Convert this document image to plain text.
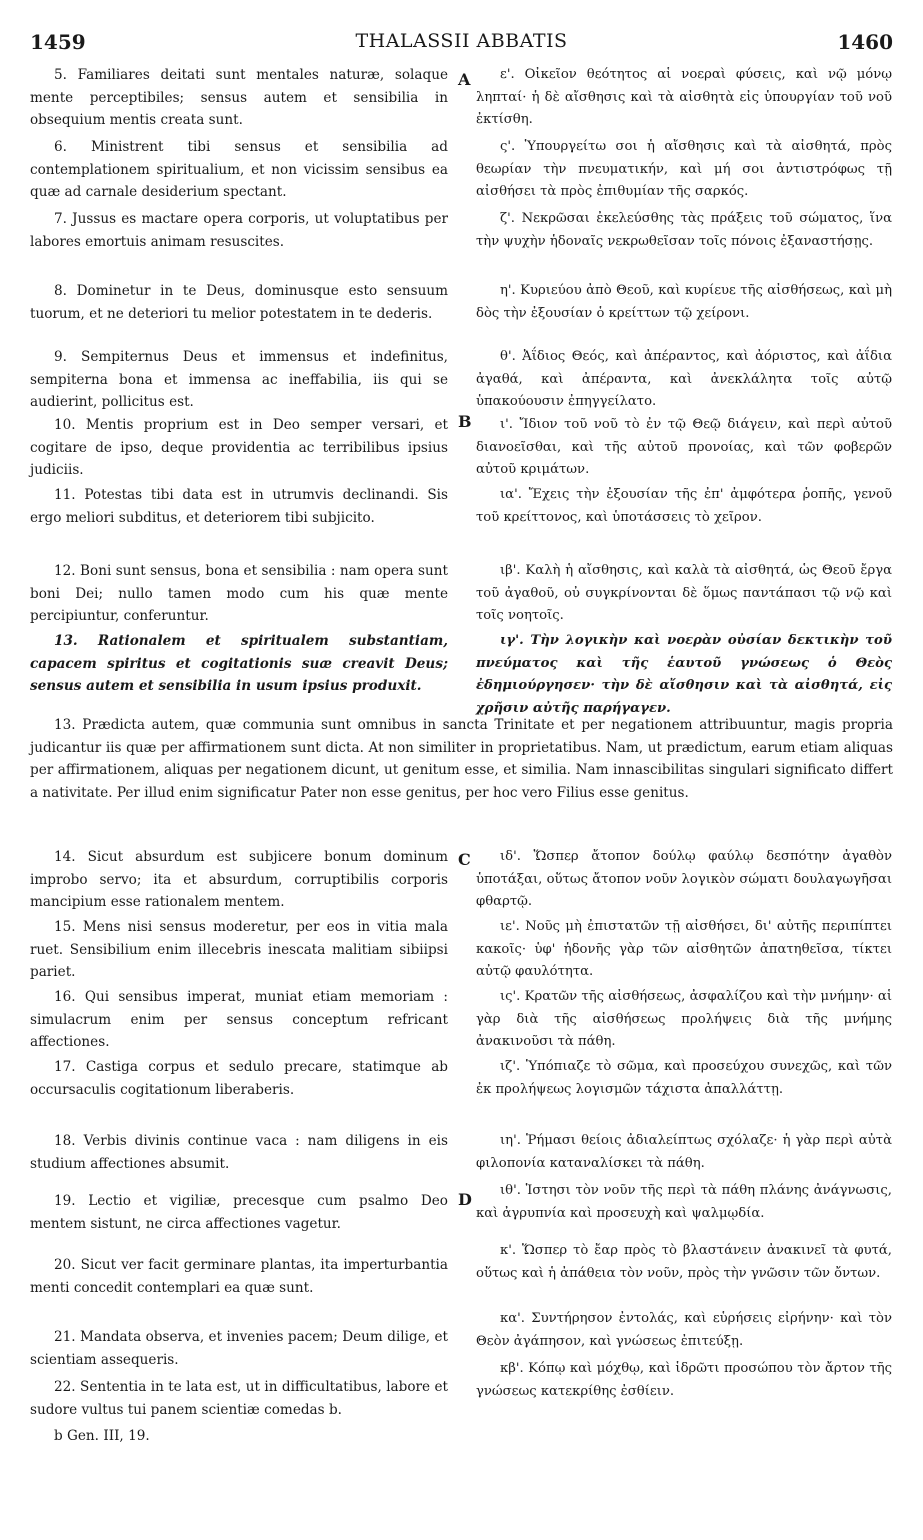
1459	THALASSII ABBATIS	1460

5. Familiares deitati sunt mentales naturæ, solaque mente perceptibiles; sensus autem et sensibilia in obsequium mentis creata sunt.

6. Ministrent tibi sensus et sensibilia ad contemplationem spiritualium, et non vicissim sensibus ea quæ ad carnale desiderium spectant.

7. Jussus es mactare opera corporis, ut voluptatibus per labores emortuis animam resuscites.

8. Dominetur in te Deus, dominusque esto sensuum tuorum, et ne deteriori tu melior potestatem in te dederis.

9. Sempiternus Deus et immensus et indefinitus, sempiterna bona et immensa ac ineffabilia, iis qui se audierint, pollicitus est.

10. Mentis proprium est in Deo semper versari, et cogitare de ipso, deque providentia ac terribilibus ipsius judiciis.

11. Potestas tibi data est in utrumvis declinandi. Sis ergo meliori subditus, et deteriorem tibi subjicito.

12. Boni sunt sensus, bona et sensibilia : nam opera sunt boni Dei; nullo tamen modo cum his quæ mente percipiuntur, conferuntur.

13. Rationalem et spiritualem substantiam, capacem spiritus et cogitationis suæ creavit Deus; sensus autem et sensibilia in usum ipsius produxit.

ε'. Οἰκεῖον θεότητος αἱ νοεραὶ φύσεις, καὶ νῷ μόνῳ ληπταί· ἡ δὲ αἴσθησις καὶ τὰ αἰσθητὰ εἰς ὑπουργίαν τοῦ νοῦ ἐκτίσθη.

ς'. Ὑπουργείτω σοι ἡ αἴσθησις καὶ τὰ αἰσθητά, πρὸς θεωρίαν τὴν πνευματικήν, καὶ μή σοι ἀντιστρόφως τῇ αἰσθήσει τὰ πρὸς ἐπιθυμίαν τῆς σαρκός.

ζ'. Νεκρῶσαι ἐκελεύσθης τὰς πράξεις τοῦ σώματος, ἵνα τὴν ψυχὴν ἡδοναῖς νεκρωθεῖσαν τοῖς πόνοις ἐξαναστήσῃς.

η'. Κυριεύου ἀπὸ Θεοῦ, καὶ κυρίευε τῆς αἰσθήσεως, καὶ μὴ δὸς τὴν ἐξουσίαν ὁ κρείττων τῷ χείρονι.

θ'. Ἀΐδιος Θεός, καὶ ἀπέραντος, καὶ ἀόριστος, καὶ ἀΐδια ἀγαθά, καὶ ἀπέραντα, καὶ ἀνεκλάλητα τοῖς αὐτῷ ὑπακούουσιν ἐπηγγείλατο.

ι'. Ἴδιον τοῦ νοῦ τὸ ἐν τῷ Θεῷ διάγειν, καὶ περὶ αὐτοῦ διανοεῖσθαι, καὶ τῆς αὐτοῦ προνοίας, καὶ τῶν φοβερῶν αὐτοῦ κριμάτων.

ια'. Ἔχεις τὴν ἐξουσίαν τῆς ἐπ' ἀμφότερα ῥοπῆς, γενοῦ τοῦ κρείττονος, καὶ ὑποτάσσεις τὸ χεῖρον.

ιβ'. Καλὴ ἡ αἴσθησις, καὶ καλὰ τὰ αἰσθητά, ὡς Θεοῦ ἔργα τοῦ ἀγαθοῦ, οὐ συγκρίνονται δὲ ὅμως παντάπασι τῷ νῷ καὶ τοῖς νοητοῖς.

ιγ'. Τὴν λογικὴν καὶ νοερὰν οὐσίαν δεκτικὴν τοῦ πνεύματος καὶ τῆς ἑαυτοῦ γνώσεως ὁ Θεὸς ἐδημιούργησεν· τὴν δὲ αἴσθησιν καὶ τὰ αἰσθητά, εἰς χρῆσιν αὐτῆς παρήγαγεν.

A
B

13. Prædicta autem, quæ communia sunt omnibus in sancta Trinitate et per negationem attribuuntur, magis propria judicantur iis quæ per affirmationem sunt dicta. At non similiter in proprietatibus. Nam, ut prædictum, earum etiam aliquas per affirmationem, aliquas per negationem dicunt, ut genitum esse, et similia. Nam innascibilitas singulari significato differt a nativitate. Per illud enim significatur Pater non esse genitus, per hoc vero Filius esse genitus.

14. Sicut absurdum est subjicere bonum dominum improbo servo; ita et absurdum, corruptibilis corporis mancipium esse rationalem mentem.

15. Mens nisi sensus moderetur, per eos in vitia mala ruet. Sensibilium enim illecebris inescata malitiam sibiipsi pariet.

16. Qui sensibus imperat, muniat etiam memoriam : simulacrum enim per sensus conceptum refricant affectiones.

17. Castiga corpus et sedulo precare, statimque ab occursaculis cogitationum liberaberis.

18. Verbis divinis continue vaca : nam diligens in eis studium affectiones absumit.

19. Lectio et vigiliæ, precesque cum psalmo Deo mentem sistunt, ne circa affectiones vagetur.

20. Sicut ver facit germinare plantas, ita imperturbantia menti concedit contemplari ea quæ sunt.

21. Mandata observa, et invenies pacem; Deum dilige, et scientiam assequeris.

22. Sententia in te lata est, ut in difficultatibus, labore et sudore vultus tui panem scientiæ comedas b.

ιδ'. Ὥσπερ ἄτοπον δούλῳ φαύλῳ δεσπότην ἀγαθὸν ὑποτάξαι, οὕτως ἄτοπον νοῦν λογικὸν σώματι δουλαγωγῆσαι φθαρτῷ.

ιε'. Νοῦς μὴ ἐπιστατῶν τῇ αἰσθήσει, δι' αὐτῆς περιπίπτει κακοῖς· ὑφ' ἡδονῆς γὰρ τῶν αἰσθητῶν ἀπατηθεῖσα, τίκτει αὐτῷ φαυλότητα.

ις'. Κρατῶν τῆς αἰσθήσεως, ἀσφαλίζου καὶ τὴν μνήμην· αἱ γὰρ διὰ τῆς αἰσθήσεως προλήψεις διὰ τῆς μνήμης ἀνακινοῦσι τὰ πάθη.

ιζ'. Ὑπόπιαζε τὸ σῶμα, καὶ προσεύχου συνεχῶς, καὶ τῶν ἐκ προλήψεως λογισμῶν τάχιστα ἀπαλλάττῃ.

ιη'. Ῥήμασι θείοις ἀδιαλείπτως σχόλαζε· ἡ γὰρ περὶ αὐτὰ φιλοπονία καταναλίσκει τὰ πάθη.

ιθ'. Ἱστησι τὸν νοῦν τῆς περὶ τὰ πάθη πλάνης ἀνάγνωσις, καὶ ἀγρυπνία καὶ προσευχὴ καὶ ψαλμῳδία.

κ'. Ὥσπερ τὸ ἔαρ πρὸς τὸ βλαστάνειν ἀνακινεῖ τὰ φυτά, οὕτως καὶ ἡ ἀπάθεια τὸν νοῦν, πρὸς τὴν γνῶσιν τῶν ὄντων.

κα'. Συντήρησον ἐντολάς, καὶ εὑρήσεις εἰρήνην· καὶ τὸν Θεὸν ἀγάπησον, καὶ γνώσεως ἐπιτεύξῃ.

κβ'. Κόπῳ καὶ μόχθῳ, καὶ ἱδρῶτι προσώπου τὸν ἄρτον τῆς γνώσεως κατεκρίθης ἐσθίειν.

C
D
b Gen. III, 19.
